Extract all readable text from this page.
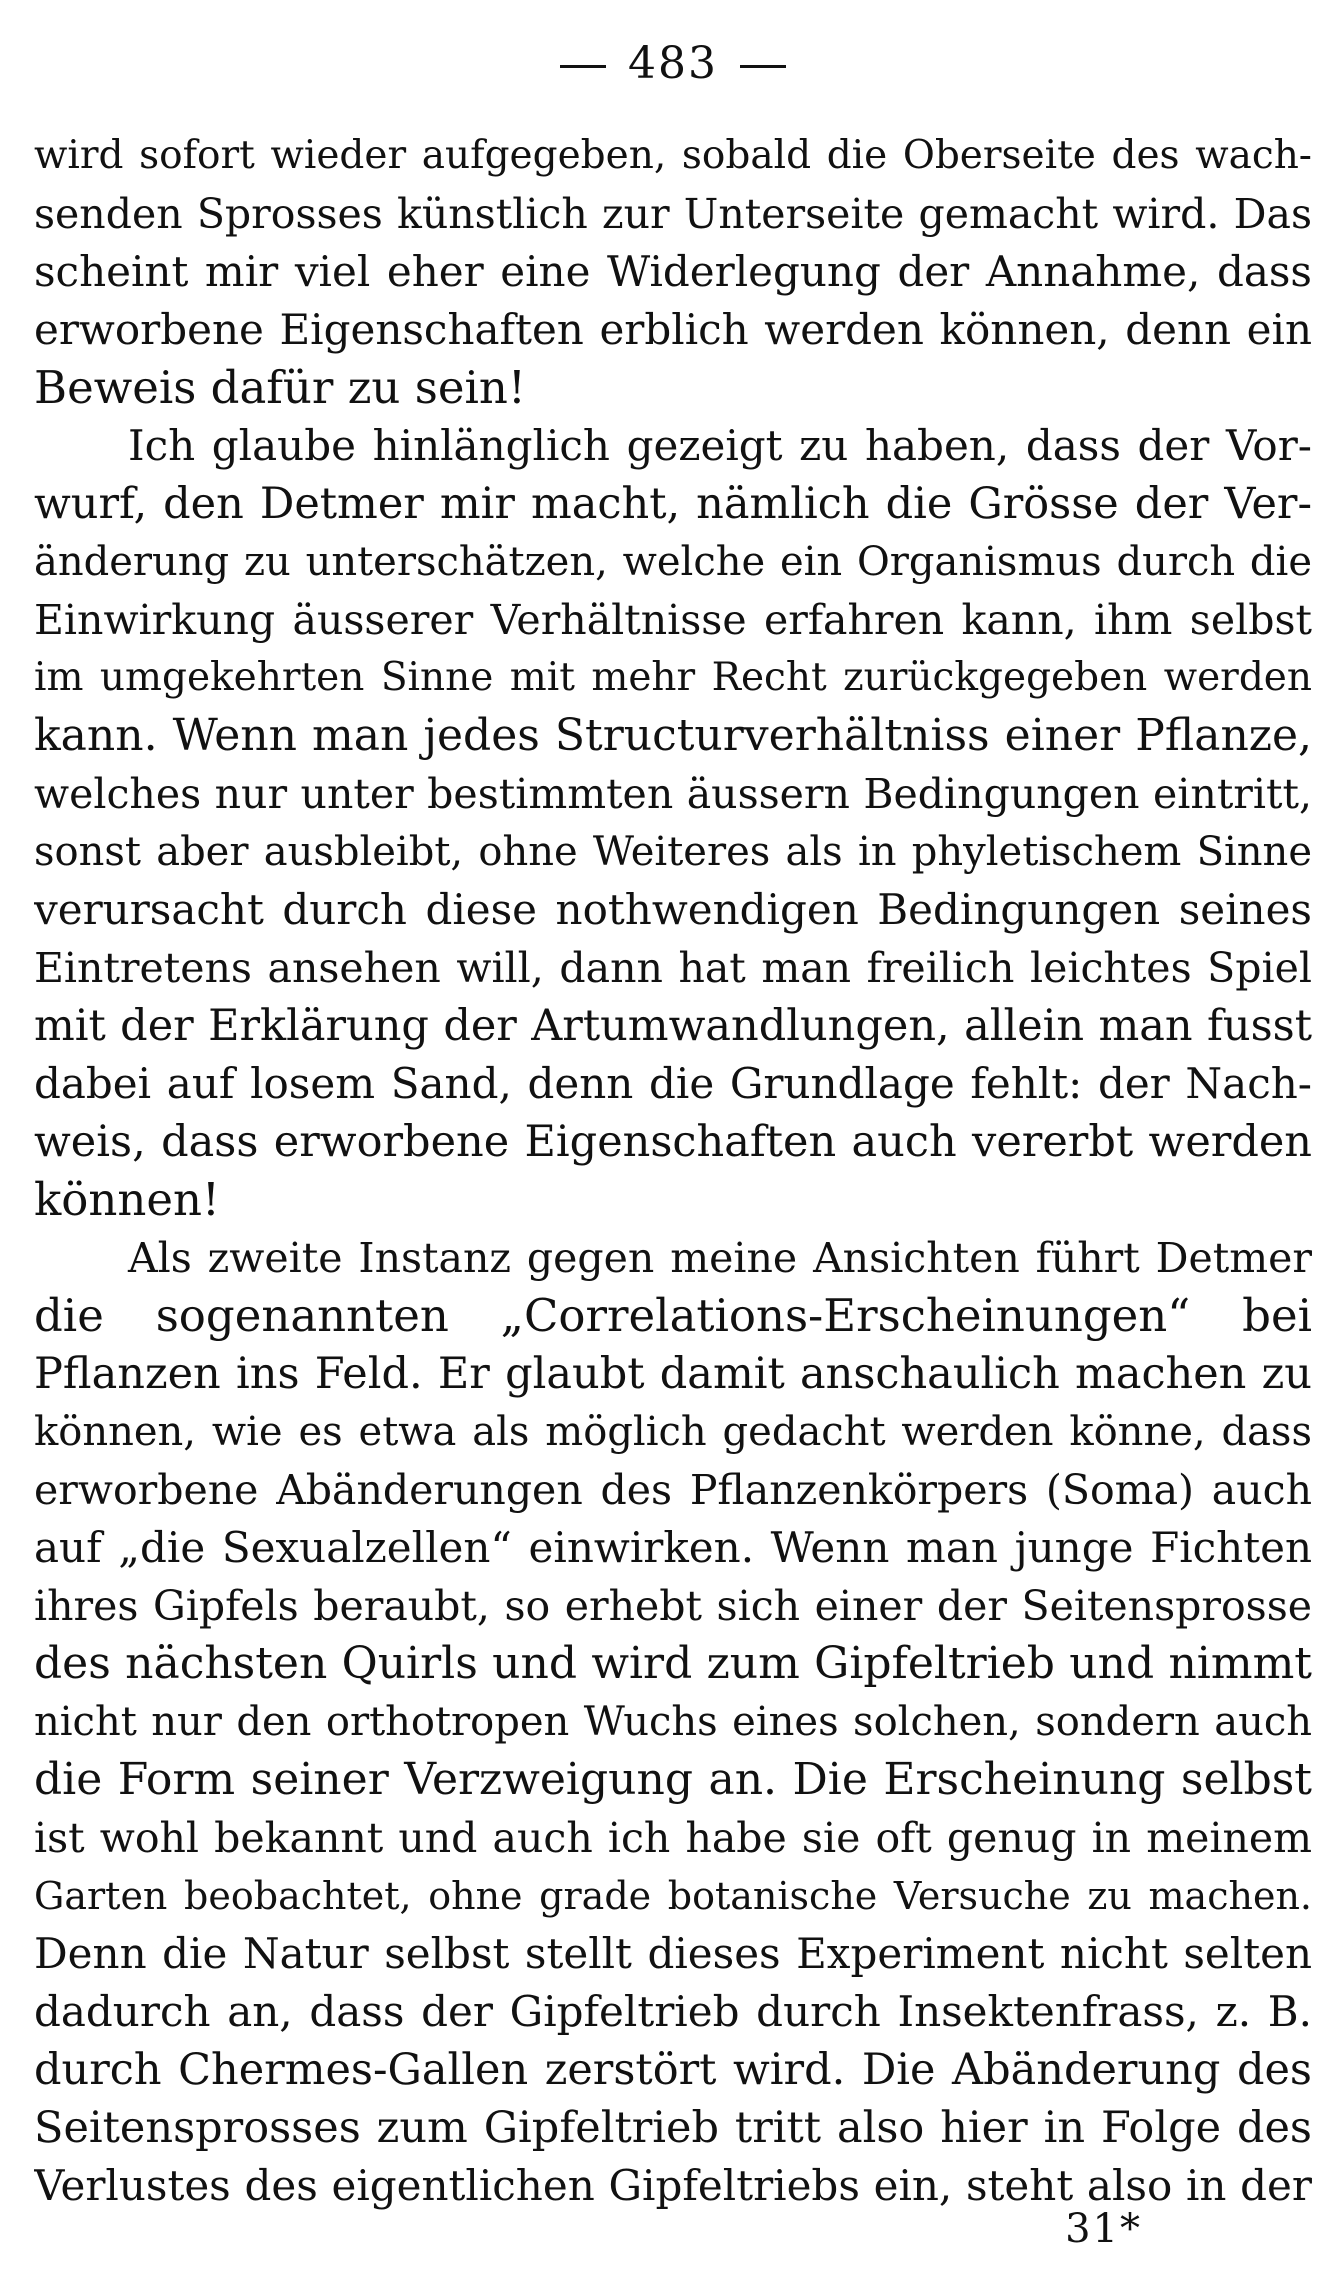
483
wird sofort wieder aufgegeben, sobald die Oberseite des wach-
senden Sprosses künstlich zur Unterseite gemacht wird. Das
scheint mir viel eher eine Widerlegung der Annahme, dass
erworbene Eigenschaften erblich werden können, denn ein
Beweis dafür zu sein!
Ich glaube hinlänglich gezeigt zu haben, dass der Vor-
wurf, den Detmer mir macht, nämlich die Grösse der Ver-
änderung zu unterschätzen, welche ein Organismus durch die
Einwirkung äusserer Verhältnisse erfahren kann, ihm selbst
im umgekehrten Sinne mit mehr Recht zurückgegeben werden
kann. Wenn man jedes Structurverhältniss einer Pflanze,
welches nur unter bestimmten äussern Bedingungen eintritt,
sonst aber ausbleibt, ohne Weiteres als in phyletischem Sinne
verursacht durch diese nothwendigen Bedingungen seines
Eintretens ansehen will, dann hat man freilich leichtes Spiel
mit der Erklärung der Artumwandlungen, allein man fusst
dabei auf losem Sand, denn die Grundlage fehlt: der Nach-
weis, dass erworbene Eigenschaften auch vererbt werden
können!
Als zweite Instanz gegen meine Ansichten führt Detmer
die sogenannten „Correlations-Erscheinungen“ bei
Pflanzen ins Feld. Er glaubt damit anschaulich machen zu
können, wie es etwa als möglich gedacht werden könne, dass
erworbene Abänderungen des Pflanzenkörpers (Soma) auch
auf „die Sexualzellen“ einwirken. Wenn man junge Fichten
ihres Gipfels beraubt, so erhebt sich einer der Seitensprosse
des nächsten Quirls und wird zum Gipfeltrieb und nimmt
nicht nur den orthotropen Wuchs eines solchen, sondern auch
die Form seiner Verzweigung an. Die Erscheinung selbst
ist wohl bekannt und auch ich habe sie oft genug in meinem
Garten beobachtet, ohne grade botanische Versuche zu machen.
Denn die Natur selbst stellt dieses Experiment nicht selten
dadurch an, dass der Gipfeltrieb durch Insektenfrass, z. B.
durch Chermes-Gallen zerstört wird. Die Abänderung des
Seitensprosses zum Gipfeltrieb tritt also hier in Folge des
Verlustes des eigentlichen Gipfeltriebs ein, steht also in der
31*
